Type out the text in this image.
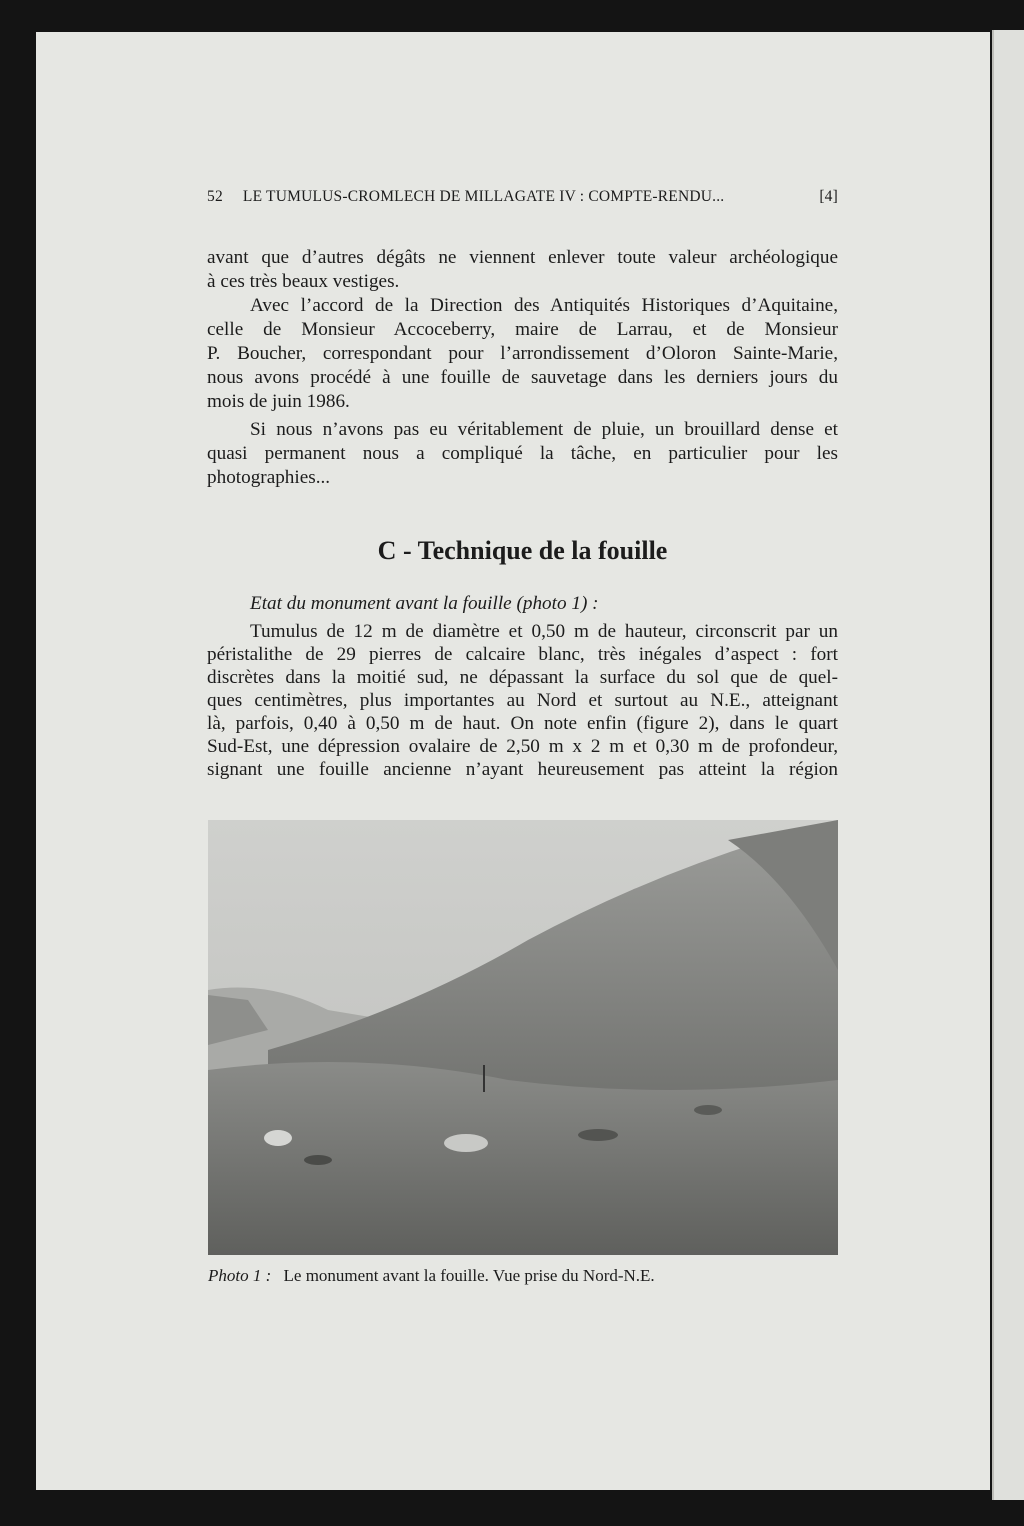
52 LE TUMULUS-CROMLECH DE MILLAGATE IV : COMPTE-RENDU...	[4]
avant que d’autres dégâts ne viennent enlever toute valeur archéologique
à ces très beaux vestiges.
Avec l’accord de la Direction des Antiquités Historiques d’Aquitaine,
celle de Monsieur Accoceberry, maire de Larrau, et de Monsieur
P. Boucher, correspondant pour l’arrondissement d’Oloron Sainte-Marie,
nous avons procédé à une fouille de sauvetage dans les derniers jours du
mois de juin 1986.
Si nous n’avons pas eu véritablement de pluie, un brouillard dense et
quasi permanent nous a compliqué la tâche, en particulier pour les
photographies...
C - Technique de la fouille
Etat du monument avant la fouille (photo 1) :
Tumulus de 12 m de diamètre et 0,50 m de hauteur, circonscrit par un
péristalithe de 29 pierres de calcaire blanc, très inégales d’aspect : fort
discrètes dans la moitié sud, ne dépassant la surface du sol que de quel-
ques centimètres, plus importantes au Nord et surtout au N.E., atteignant
là, parfois, 0,40 à 0,50 m de haut. On note enfin (figure 2), dans le quart
Sud-Est, une dépression ovalaire de 2,50 m x 2 m et 0,30 m de profondeur,
signant une fouille ancienne n’ayant heureusement pas atteint la région
Photo 1 : Le monument avant la fouille. Vue prise du Nord-N.E.
